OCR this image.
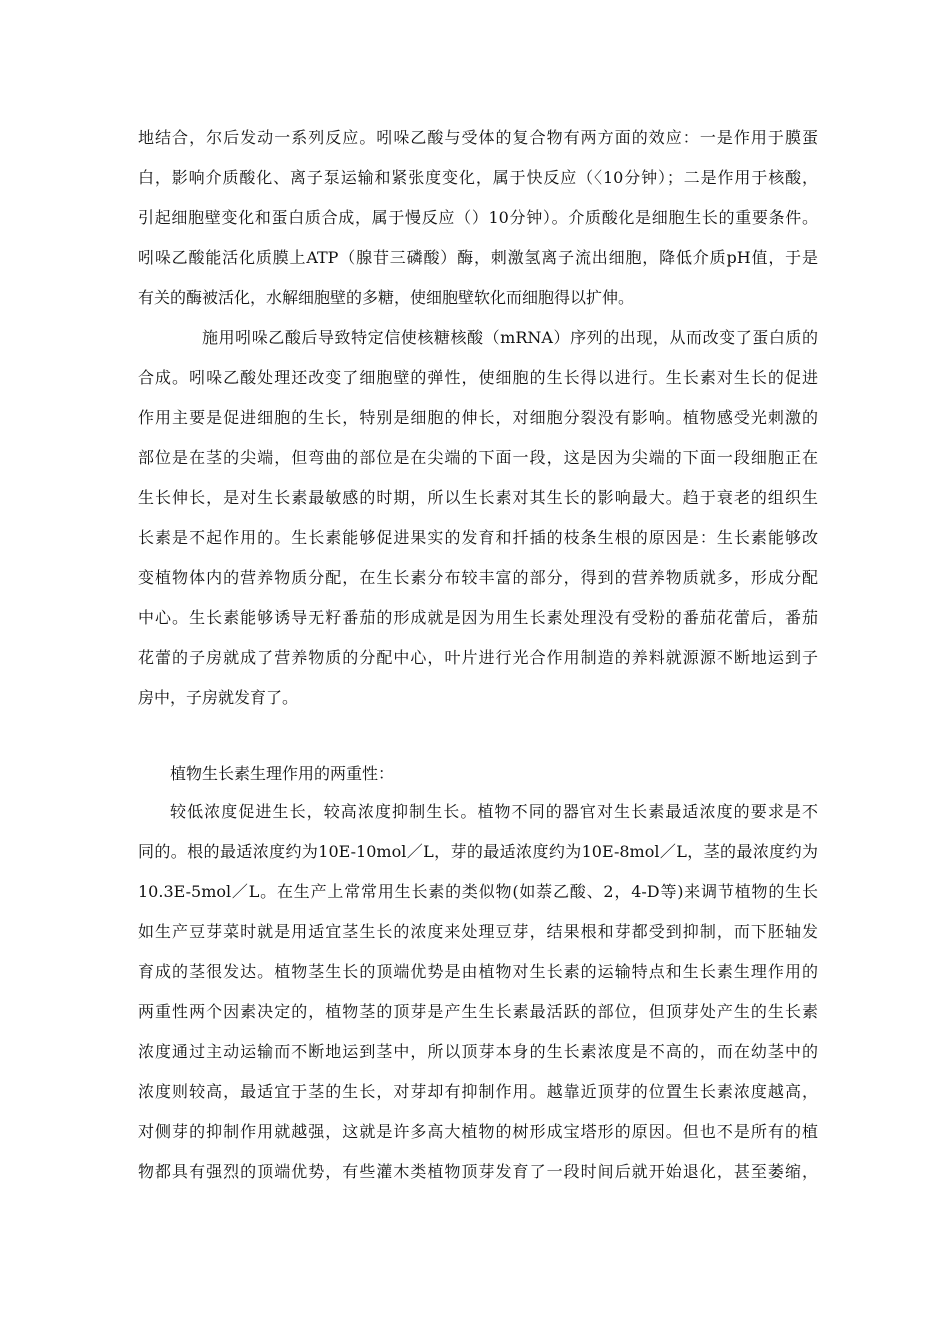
地结合，尔后发动一系列反应。吲哚乙酸与受体的复合物有两方面的效应：一是作用于膜蛋
白，影响介质酸化、离子泵运输和紧张度变化，属于快反应（〈10分钟）；二是作用于核酸，
引起细胞壁变化和蛋白质合成，属于慢反应（）10分钟）。介质酸化是细胞生长的重要条件。
吲哚乙酸能活化质膜上ATP（腺苷三磷酸）酶，刺激氢离子流出细胞，降低介质pH值，于是
有关的酶被活化，水解细胞壁的多糖，使细胞壁软化而细胞得以扩伸。
施用吲哚乙酸后导致特定信使核糖核酸（mRNA）序列的出现，从而改变了蛋白质的
合成。吲哚乙酸处理还改变了细胞壁的弹性，使细胞的生长得以进行。生长素对生长的促进
作用主要是促进细胞的生长，特别是细胞的伸长，对细胞分裂没有影响。植物感受光刺激的
部位是在茎的尖端，但弯曲的部位是在尖端的下面一段，这是因为尖端的下面一段细胞正在
生长伸长，是对生长素最敏感的时期，所以生长素对其生长的影响最大。趋于衰老的组织生
长素是不起作用的。生长素能够促进果实的发育和扦插的枝条生根的原因是：生长素能够改
变植物体内的营养物质分配，在生长素分布较丰富的部分，得到的营养物质就多，形成分配
中心。生长素能够诱导无籽番茄的形成就是因为用生长素处理没有受粉的番茄花蕾后，番茄
花蕾的子房就成了营养物质的分配中心，叶片进行光合作用制造的养料就源源不断地运到子
房中，子房就发育了。
植物生长素生理作用的两重性：
较低浓度促进生长，较高浓度抑制生长。植物不同的器官对生长素最适浓度的要求是不
同的。根的最适浓度约为10E-10mol／L，芽的最适浓度约为10E-8mol／L，茎的最浓度约为
10.3E-5mol／L。在生产上常常用生长素的类似物(如萘乙酸、2，4-D等)来调节植物的生长
如生产豆芽菜时就是用适宜茎生长的浓度来处理豆芽，结果根和芽都受到抑制，而下胚轴发
育成的茎很发达。植物茎生长的顶端优势是由植物对生长素的运输特点和生长素生理作用的
两重性两个因素决定的，植物茎的顶芽是产生生长素最活跃的部位，但顶芽处产生的生长素
浓度通过主动运输而不断地运到茎中，所以顶芽本身的生长素浓度是不高的，而在幼茎中的
浓度则较高，最适宜于茎的生长，对芽却有抑制作用。越靠近顶芽的位置生长素浓度越高，
对侧芽的抑制作用就越强，这就是许多高大植物的树形成宝塔形的原因。但也不是所有的植
物都具有强烈的顶端优势，有些灌木类植物顶芽发育了一段时间后就开始退化，甚至萎缩，
